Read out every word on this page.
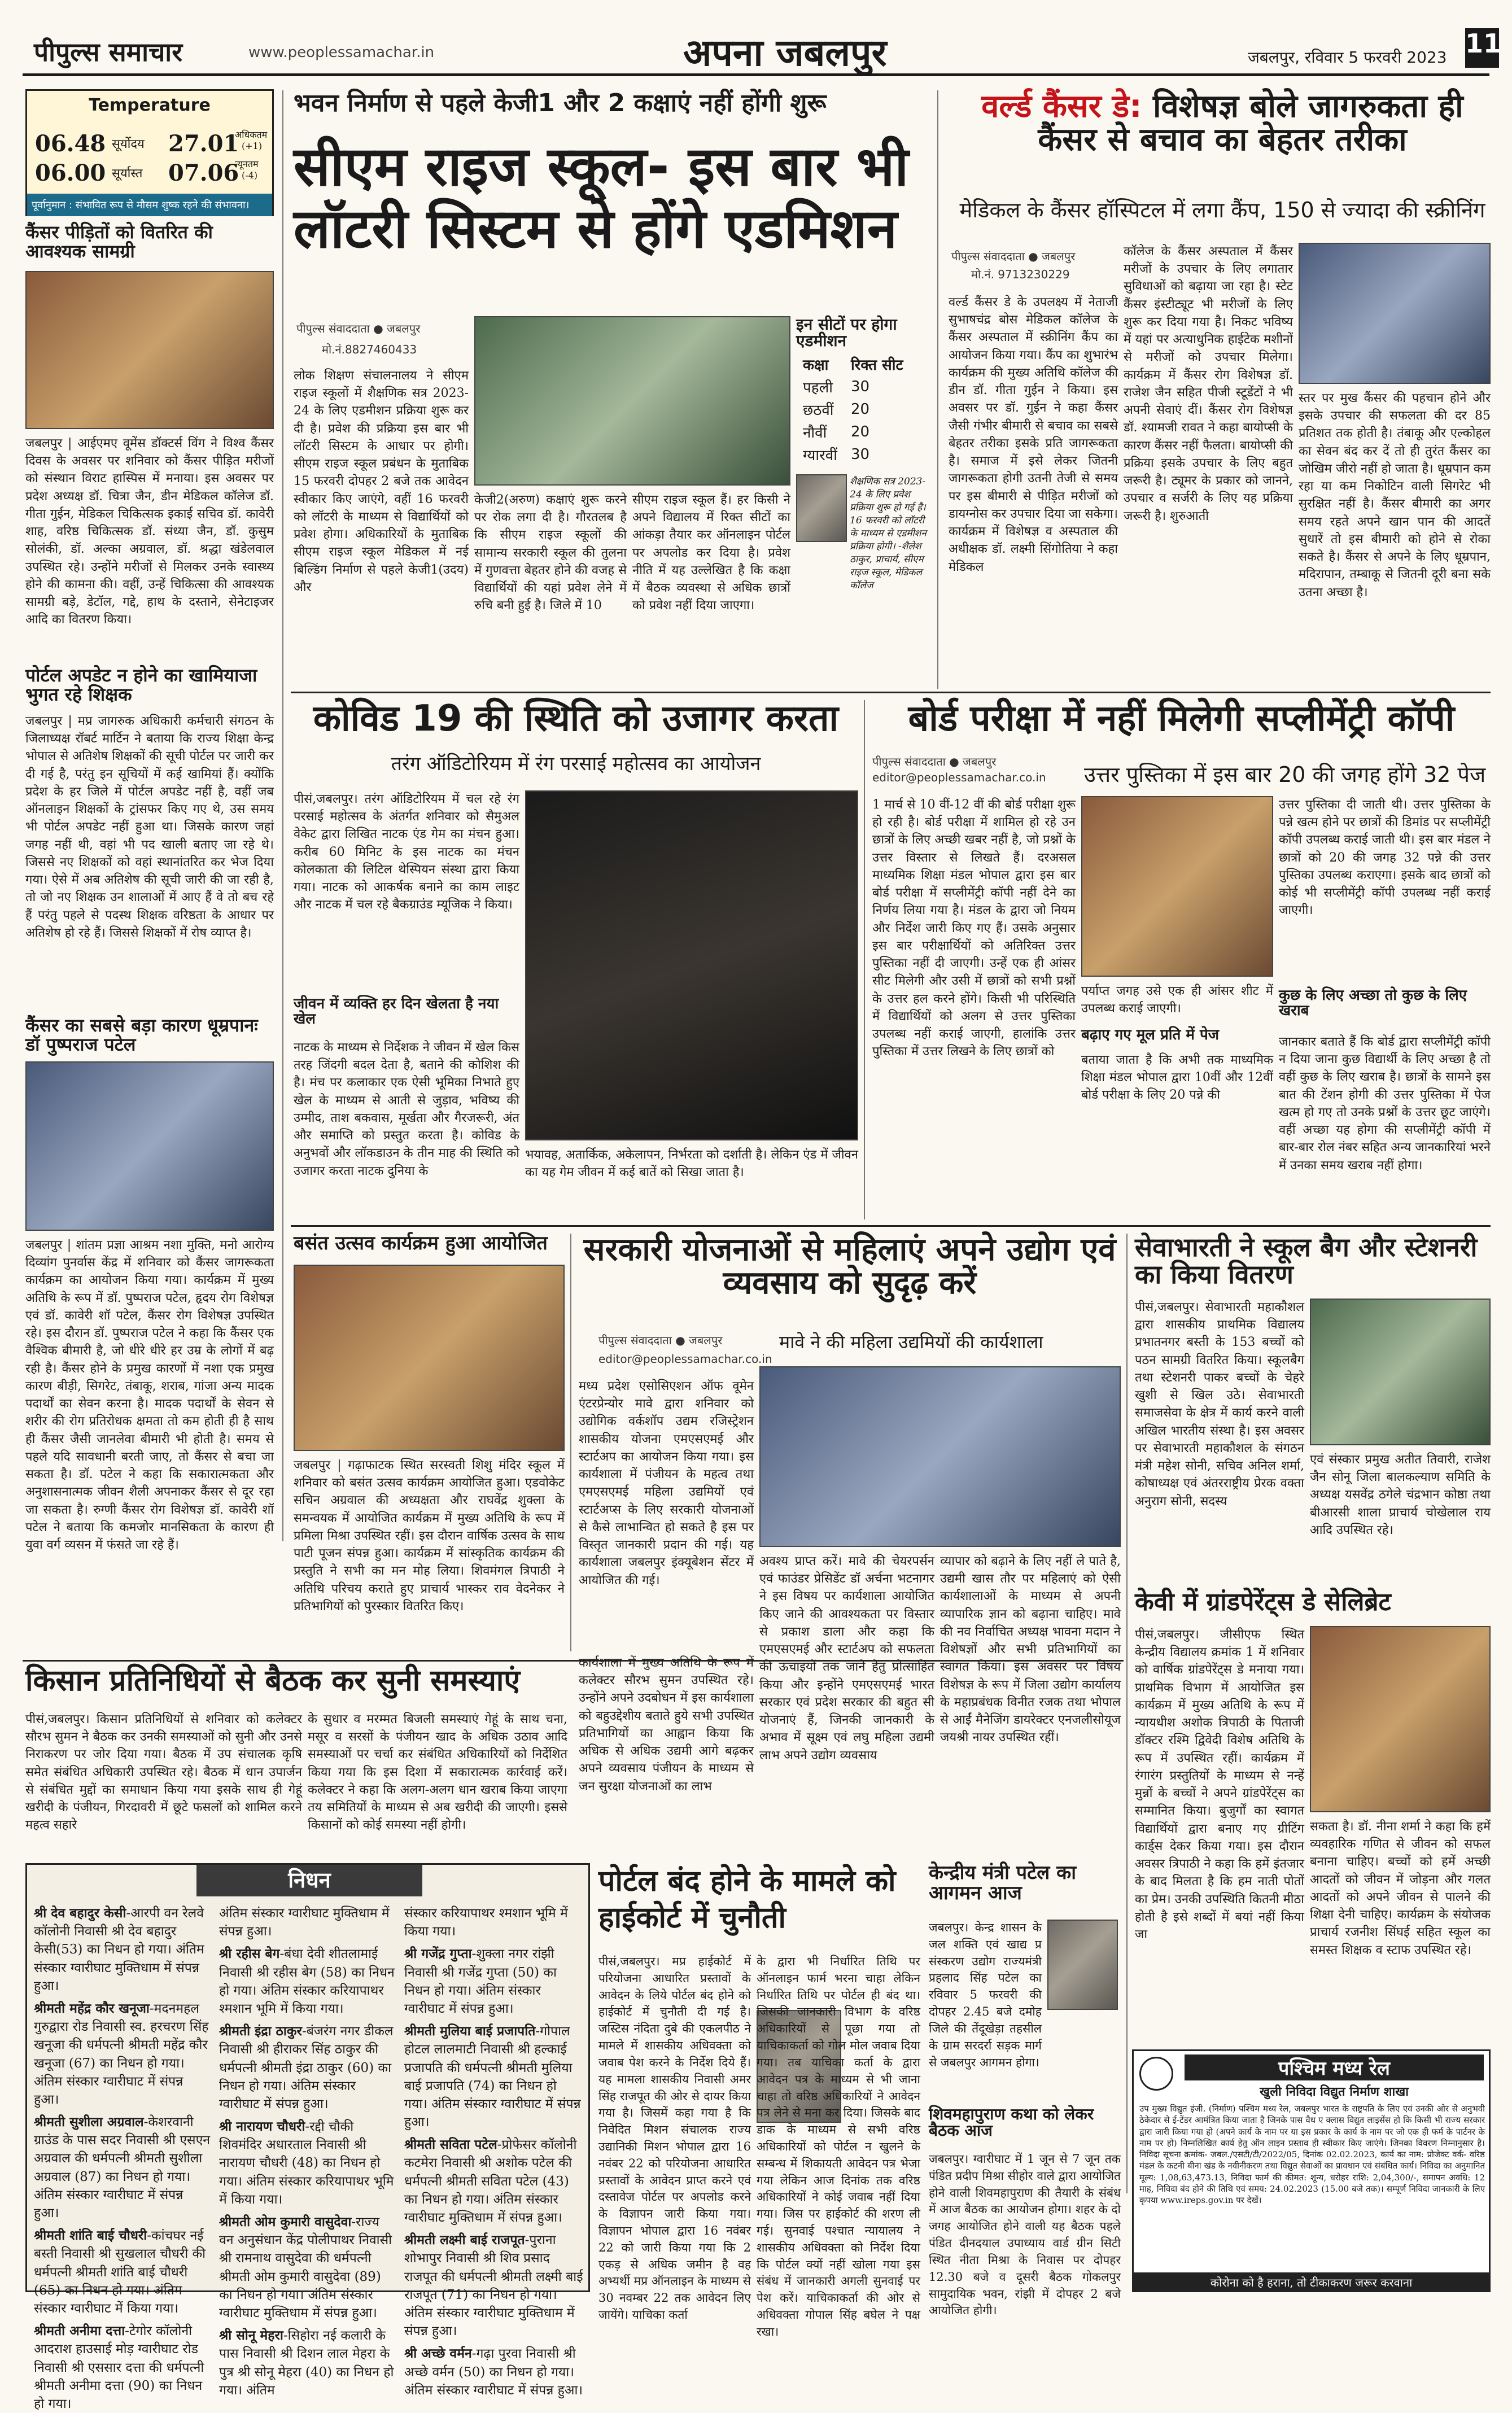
पीपुल्स समाचार	www.peoplessamachar.in	अपना जबलपुर	जबलपुर, रविवार 5 फरवरी 2023 11
Temperature
06.48 सूर्योदय
06.00 सूर्यास्त
27.01
अधिकतम
(+1)
07.06
न्यूनतम
(-4)
पूर्वानुमान : संभावित रूप से मौसम शुष्क रहने की संभावना।
कैंसर पीड़ितों को वितरित की आवश्यक सामग्री
जबलपुर | आईएमए वूमेंस डॉक्टर्स विंग ने विश्व कैंसर दिवस के अवसर पर शनिवार को कैंसर पीड़ित मरीजों को संस्थान विराट हास्पिस में मनाया। इस अवसर पर प्रदेश अध्यक्ष डॉ. चित्रा जैन, डीन मेडिकल कॉलेज डॉ. गीता गुईन, मेडिकल चिकित्सक इकाई सचिव डॉ. कावेरी शाह, वरिष्ठ चिकित्सक डॉ. संध्या जैन, डॉ. कुसुम सोलंकी, डॉ. अल्का अग्रवाल, डॉ. श्रद्धा खंडेलवाल उपस्थित रहे। उन्होंने मरीजों से मिलकर उनके स्वास्थ्य होने की कामना की। वहीं, उन्हें चिकित्सा की आवश्यक सामग्री बड़े, डेटॉल, गद्दे, हाथ के दस्ताने, सेनेटाइजर आदि का वितरण किया।
पोर्टल अपडेट न होने का खामियाजा भुगत रहे शिक्षक
जबलपुर | मप्र जागरुक अधिकारी कर्मचारी संगठन के जिलाध्यक्ष रॉबर्ट मार्टिन ने बताया कि राज्य शिक्षा केन्द्र भोपाल से अतिशेष शिक्षकों की सूची पोर्टल पर जारी कर दी गई है, परंतु इन सूचियों में कई खामियां हैं। क्योंकि प्रदेश के हर जिले में पोर्टल अपडेट नहीं है, वहीं जब ऑनलाइन शिक्षकों के ट्रांसफर किए गए थे, उस समय भी पोर्टल अपडेट नहीं हुआ था। जिसके कारण जहां जगह नहीं थी, वहां भी पद खाली बताए जा रहे थे। जिससे नए शिक्षकों को वहां स्थानांतरित कर भेज दिया गया। ऐसे में अब अतिशेष की सूची जारी की जा रही है, तो जो नए शिक्षक उन शालाओं में आए हैं वे तो बच रहे हैं परंतु पहले से पदस्थ शिक्षक वरिष्ठता के आधार पर अतिशेष हो रहे हैं। जिससे शिक्षकों में रोष व्याप्त है।
कैंसर का सबसे बड़ा कारण धूम्रपानः डॉ पुष्पराज पटेल
जबलपुर | शांतम प्रज्ञा आश्रम नशा मुक्ति, मनो आरोग्य दिव्यांग पुनर्वास केंद्र में शनिवार को कैंसर जागरूकता कार्यक्रम का आयोजन किया गया। कार्यक्रम में मुख्य अतिथि के रूप में डॉ. पुष्पराज पटेल, हृदय रोग विशेषज्ञ एवं डॉ. कावेरी शॉ पटेल, कैंसर रोग विशेषज्ञ उपस्थित रहे। इस दौरान डॉ. पुष्पराज पटेल ने कहा कि कैंसर एक वैश्विक बीमारी है, जो धीरे धीरे हर उम्र के लोगों में बढ़ रही है। कैंसर होने के प्रमुख कारणों में नशा एक प्रमुख कारण बीड़ी, सिगरेट, तंबाकू, शराब, गांजा अन्य मादक पदार्थों का सेवन करना है। मादक पदार्थों के सेवन से शरीर की रोग प्रतिरोधक क्षमता तो कम होती ही है साथ ही कैंसर जैसी जानलेवा बीमारी भी होती है। समय से पहले यदि सावधानी बरती जाए, तो कैंसर से बचा जा सकता है। डॉ. पटेल ने कहा कि सकारात्मकता और अनुशासनात्मक जीवन शैली अपनाकर कैंसर से दूर रहा जा सकता है। रुग्णी कैंसर रोग विशेषज्ञ डॉ. कावेरी शॉ पटेल ने बताया कि कमजोर मानसिकता के कारण ही युवा वर्ग व्यसन में फंसते जा रहे हैं।
भवन निर्माण से पहले केजी1 और 2 कक्षाएं नहीं होंगी शुरू
सीएम राइज स्कूल- इस बार भी लॉटरी सिस्टम से होंगे एडमिशन
पीपुल्स संवाददाता ● जबलपुर
मो.नं.8827460433
लोक शिक्षण संचालनालय ने सीएम राइज स्कूलों में शैक्षणिक सत्र 2023-24 के लिए एडमीशन प्रक्रिया शुरू कर दी है। प्रवेश की प्रक्रिया इस बार भी लॉटरी सिस्टम के आधार पर होगी। सीएम राइज स्कूल प्रबंधन के मुताबिक 15 फरवरी दोपहर 2 बजे तक आवेदन स्वीकार किए जाएंगे, वहीं 16 फरवरी को लॉटरी के माध्यम से विद्यार्थियों को प्रवेश होगा। अधिकारियों के मुताबिक सीएम राइज स्कूल मेडिकल में नई बिल्डिंग निर्माण से पहले केजी1(उदय) और
केजी2(अरुण) कक्षाएं शुरू करने पर रोक लगा दी है। गौरतलब है कि सीएम राइज स्कूलों की सामान्य सरकारी स्कूल की तुलना में गुणवत्ता बेहतर होने की वजह से विद्यार्थियों की यहां प्रवेश लेने में रुचि बनी हुई है। जिले में 10
सीएम राइज स्कूल हैं। हर किसी ने अपने विद्यालय में रिक्त सीटों का आंकड़ा तैयार कर ऑनलाइन पोर्टल पर अपलोड कर दिया है। प्रवेश नीति में यह उल्लेखित है कि कक्षा में बैठक व्यवस्था से अधिक छात्रों को प्रवेश नहीं दिया जाएगा।
इन सीटों पर होगा एडमीशन
कक्षा	रिक्त सीट
पहली	30
छठवीं	20
नौवीं	20
ग्यारवीं	30
शैक्षणिक सत्र 2023-24 के लिए प्रवेश प्रक्रिया शुरू हो गई है। 16 फरवरी को लॉटरी के माध्यम से एडमीशन प्रक्रिया होगी। -शैलेश ठाकुर, प्राचार्य, सीएम राइज स्कूल, मेडिकल कॉलेज
वर्ल्ड कैंसर डे: विशेषज्ञ बोले जागरुकता ही कैंसर से बचाव का बेहतर तरीका
मेडिकल के कैंसर हॉस्पिटल में लगा कैंप, 150 से ज्यादा की स्क्रीनिंग
पीपुल्स संवाददाता ● जबलपुर
मो.नं. 9713230229
वर्ल्ड कैंसर डे के उपलक्ष्य में नेताजी सुभाषचंद्र बोस मेडिकल कॉलेज के कैंसर अस्पताल में स्क्रीनिंग कैंप का आयोजन किया गया। कैंप का शुभारंभ कार्यक्रम की मुख्य अतिथि कॉलेज की डीन डॉ. गीता गुईन ने किया। इस अवसर पर डॉ. गुईन ने कहा कैंसर जैसी गंभीर बीमारी से बचाव का सबसे बेहतर तरीका इसके प्रति जागरूकता है। समाज में इसे लेकर जितनी जागरूकता होगी उतनी तेजी से समय पर इस बीमारी से पीड़ित मरीजों को डायग्नोस कर उपचार दिया जा सकेगा। कार्यक्रम में विशेषज्ञ व अस्पताल की अधीक्षक डॉ. लक्ष्मी सिंगोतिया ने कहा मेडिकल
कॉलेज के कैंसर अस्पताल में कैंसर मरीजों के उपचार के लिए लगातार सुविधाओं को बढ़ाया जा रहा है। स्टेट कैंसर इंस्टीट्यूट भी मरीजों के लिए शुरू कर दिया गया है। निकट भविष्य में यहां पर अत्याधुनिक हाईटेक मशीनों से मरीजों को उपचार मिलेगा। कार्यक्रम में कैंसर रोग विशेषज्ञ डॉ. राजेश जैन सहित पीजी स्टूडेंटों ने भी अपनी सेवाएं दीं। कैंसर रोग विशेषज्ञ डॉ. श्यामजी रावत ने कहा बायोप्सी के कारण कैंसर नहीं फैलता। बायोप्सी की प्रक्रिया इसके उपचार के लिए बहुत जरूरी है। ट्यूमर के प्रकार को जानने, उपचार व सर्जरी के लिए यह प्रक्रिया जरूरी है। शुरुआती
स्तर पर मुख कैंसर की पहचान होने और इसके उपचार की सफलता की दर 85 प्रतिशत तक होती है। तंबाकू और एल्कोहल का सेवन बंद कर दें तो ही तुरंत कैंसर का जोखिम जीरो नहीं हो जाता है। धूम्रपान कम रहा या कम निकोटिन वाली सिगरेट भी सुरक्षित नहीं है। कैंसर बीमारी का अगर समय रहते अपने खान पान की आदतें सुधारें तो इस बीमारी को होने से रोका सकते है। कैंसर से अपने के लिए धूम्रपान, मदिरापान, तम्बाकू से जितनी दूरी बना सके उतना अच्छा है।
कोविड 19 की स्थिति को उजागर करता
तरंग ऑडिटोरियम में रंग परसाई महोत्सव का आयोजन
पीसं,जबलपुर। तरंग ऑडिटोरियम में चल रहे रंग परसाई महोत्सव के अंतर्गत शनिवार को सैमुअल वेकेट द्वारा लिखित नाटक एंड गेम का मंचन हुआ। करीब 60 मिनिट के इस नाटक का मंचन कोलकाता की लिटिल थेस्पियन संस्था द्वारा किया गया। नाटक को आकर्षक बनाने का काम लाइट और नाटक में चल रहे बैकग्राउंड म्यूजिक ने किया।
जीवन में व्यक्ति हर दिन खेलता है नया खेल
नाटक के माध्यम से निर्देशक ने जीवन में खेल किस तरह जिंदगी बदल देता है, बताने की कोशिश की है। मंच पर कलाकार एक ऐसी भूमिका निभाते हुए खेल के माध्यम से आती से जुड़ाव, भविष्य की उम्मीद, ताश बकवास, मूर्खता और गैरजरूरी, अंत और समाप्ति को प्रस्तुत करता है। कोविड के अनुभवों और लॉकडाउन के तीन माह की स्थिति को उजागर करता नाटक दुनिया के
भयावह, अतार्किक, अकेलापन, निर्भरता को दर्शाती है। लेकिन एंड में जीवन का यह गेम जीवन में कई बातें को सिखा जाता है।
बोर्ड परीक्षा में नहीं मिलेगी सप्लीमेंट्री कॉपी
पीपुल्स संवाददाता ● जबलपुर
editor@peoplessamachar.co.in	उत्तर पुस्तिका में इस बार 20 की जगह होंगे 32 पेज
1 मार्च से 10 वीं-12 वीं की बोर्ड परीक्षा शुरू हो रही है। बोर्ड परीक्षा में शामिल हो रहे उन छात्रों के लिए अच्छी खबर नहीं है, जो प्रश्नों के उत्तर विस्तार से लिखते हैं। दरअसल माध्यमिक शिक्षा मंडल भोपाल द्वारा इस बार बोर्ड परीक्षा में सप्लीमेंट्री कॉपी नहीं देने का निर्णय लिया गया है। मंडल के द्वारा जो नियम और निर्देश जारी किए गए हैं। उसके अनुसार इस बार परीक्षार्थियों को अतिरिक्त उत्तर पुस्तिका नहीं दी जाएगी। उन्हें एक ही आंसर सीट मिलेगी और उसी में छात्रों को सभी प्रश्नों के उत्तर हल करने होंगे। किसी भी परिस्थिति में विद्यार्थियों को अलग से उत्तर पुस्तिका उपलब्ध नहीं कराई जाएगी, हालांकि उत्तर पुस्तिका में उत्तर लिखने के लिए छात्रों को
पर्याप्त जगह उसे एक ही आंसर शीट में उपलब्ध कराई जाएगी।
बढ़ाए गए मूल प्रति में पेज
बताया जाता है कि अभी तक माध्यमिक शिक्षा मंडल भोपाल द्वारा 10वीं और 12वीं बोर्ड परीक्षा के लिए 20 पन्ने की
उत्तर पुस्तिका दी जाती थी। उत्तर पुस्तिका के पन्ने खत्म होने पर छात्रों की डिमांड पर सप्लीमेंट्री कॉपी उपलब्ध कराई जाती थी। इस बार मंडल ने छात्रों को 20 की जगह 32 पन्ने की उत्तर पुस्तिका उपलब्ध कराएगा। इसके बाद छात्रों को कोई भी सप्लीमेंट्री कॉपी उपलब्ध नहीं कराई जाएगी।
कुछ के लिए अच्छा तो कुछ के लिए खराब
जानकार बताते हैं कि बोर्ड द्वारा सप्लीमेंट्री कॉपी न दिया जाना कुछ विद्यार्थी के लिए अच्छा है तो वहीं कुछ के लिए खराब है। छात्रों के सामने इस बात की टेंशन होगी की उत्तर पुस्तिका में पेज खत्म हो गए तो उनके प्रश्नों के उत्तर छूट जाएंगे। वहीं अच्छा यह होगा की सप्लीमेंट्री कॉपी में बार-बार रोल नंबर सहित अन्य जानकारियां भरने में उनका समय खराब नहीं होगा।
बसंत उत्सव कार्यक्रम हुआ आयोजित
जबलपुर | गढ़ाफाटक स्थित सरस्वती शिशु मंदिर स्कूल में शनिवार को बसंत उत्सव कार्यक्रम आयोजित हुआ। एडवोकेट सचिन अग्रवाल की अध्यक्षता और राघवेंद्र शुक्ला के समन्वयक में आयोजित कार्यक्रम में मुख्य अतिथि के रूप में प्रमिला मिश्रा उपस्थित रहीं। इस दौरान वार्षिक उत्सव के साथ पाटी पूजन संपन्न हुआ। कार्यक्रम में सांस्कृतिक कार्यक्रम की प्रस्तुति ने सभी का मन मोह लिया। शिवमंगल त्रिपाठी ने अतिथि परिचय कराते हुए प्राचार्य भास्कर राव वेदनेकर ने प्रतिभागियों को पुरस्कार वितरित किए।
सरकारी योजनाओं से महिलाएं अपने उद्योग एवं व्यवसाय को सुदृढ़ करें
पीपुल्स संवाददाता ● जबलपुर
editor@peoplessamachar.co.in
मावे ने की महिला उद्यमियों की कार्यशाला
मध्य प्रदेश एसोसिएशन ऑफ वूमेन एंटरप्रेन्योर मावे द्वारा शनिवार को उद्योगिक वर्कशॉप उद्यम रजिस्ट्रेशन शासकीय योजना एमएसएमई और स्टार्टअप का आयोजन किया गया। इस कार्यशाला में पंजीयन के महत्व तथा एमएसएमई महिला उद्यमियों एवं स्टार्टअप्स के लिए सरकारी योजनाओं से कैसे लाभान्वित हो सकते है इस पर विस्तृत जानकारी प्रदान की गई। यह कार्यशाला जबलपुर इंक्यूबेशन सेंटर में आयोजित की गई।
अवश्य प्राप्त करें। मावे की चेयरपर्सन एवं फाउंडर प्रेसिडेंट डॉ अर्चना भटनागर ने इस विषय पर कार्यशाला आयोजित किए जाने की आवश्यकता पर विस्तार से प्रकाश डाला और कहा कि एमएसएमई और स्टार्टअप को सफलता की ऊंचाइयों तक जाने हेतु प्रोत्साहित किया और इन्होंने एमएसएमई भारत सरकार एवं प्रदेश सरकार की बहुत सी योजनाएं हैं, जिनकी जानकारी के अभाव में सूक्ष्म एवं लघु महिला उद्यमी लाभ अपने उद्योग व्यवसाय
व्यापार को बढ़ाने के लिए नहीं ले पाते है, उद्यमी खास तौर पर महिलाएं को ऐसी कार्यशालाओं के माध्यम से अपनी व्यापारिक ज्ञान को बढ़ाना चाहिए। मावे की नव निर्वाचित अध्यक्ष भावना मदान ने विशेषज्ञों और सभी प्रतिभागियों का स्वागत किया। इस अवसर पर विषय विशेषज्ञ के रूप में जिला उद्योग कार्यालय के महाप्रबंधक विनीत रजक तथा भोपाल से आईं मैनेजिंग डायरेक्टर एनजलीसोयूज जयश्री नायर उपस्थित रहीं।
सेवाभारती ने स्कूल बैग और स्टेशनरी का किया वितरण
पीसं,जबलपुर। सेवाभारती महाकौशल द्वारा शासकीय प्राथमिक विद्यालय प्रभातनगर बस्ती के 153 बच्चों को पठन सामग्री वितरित किया। स्कूलबैग तथा स्टेशनरी पाकर बच्चों के चेहरे खुशी से खिल उठे। सेवाभारती समाजसेवा के क्षेत्र में कार्य करने वाली अखिल भारतीय संस्था है। इस अवसर पर सेवाभारती महाकौशल के संगठन मंत्री महेश सोनी, सचिव अनिल शर्मा, कोषाध्यक्ष एवं अंतरराष्ट्रीय प्रेरक वक्ता अनुराग सोनी, सदस्य
एवं संस्कार प्रमुख अतीत तिवारी, राजेश जैन सोनू जिला बालकल्याण समिति के अध्यक्ष यसवेंद्र ठगेले चंद्रभान कोष्ठा तथा बीआरसी शाला प्राचार्य चोखेलाल राय आदि उपस्थित रहे।
केवी में ग्रांडपेरेंट्स डे सेलिब्रेट
पीसं,जबलपुर। जीसीएफ स्थित केन्द्रीय विद्यालय क्रमांक 1 में शनिवार को वार्षिक ग्रांडपेरेंट्स डे मनाया गया। प्राथमिक विभाग में आयोजित इस कार्यक्रम में मुख्य अतिथि के रूप में न्यायधीश अशोक त्रिपाठी के पिताजी डॉक्टर रश्मि द्विवेदी विशेष अतिथि के रूप में उपस्थित रहीं। कार्यक्रम में रंगारंग प्रस्तुतियों के माध्यम से नन्हें मुन्नों के बच्चों ने अपने ग्रांडपेरेंट्स का सम्मानित किया। बुजुर्गों का स्वागत विद्यार्थियों द्वारा बनाए गए ग्रीटिंग कार्ड्स देकर किया गया। इस दौरान अवसर त्रिपाठी ने कहा कि हमें इंतजार के बाद मिलता है कि हम नाती पोतों का प्रेम। उनकी उपस्थिति कितनी मीठा होती है इसे शब्दों में बयां नहीं किया जा
सकता है। डॉ. नीना शर्मा ने कहा कि हमें व्यवहारिक गणित से जीवन को सफल बनाना चाहिए। बच्चों को हमें अच्छी आदतों को जीवन में जोड़ना और गलत आदतों को अपने जीवन से पालने की शिक्षा देनी चाहिए। कार्यक्रम के संयोजक प्राचार्य रजनीश सिंघई सहित स्कूल का समस्त शिक्षक व स्टाफ उपस्थित रहे।
किसान प्रतिनिधियों से बैठक कर सुनी समस्याएं
पीसं,जबलपुर। किसान प्रतिनिधियों से शनिवार को कलेक्टर सौरभ सुमन ने बैठक कर उनकी समस्याओं को सुनी और उनसे निराकरण पर जोर दिया गया। बैठक में उप संचालक कृषि समेत संबंधित अधिकारी उपस्थित रहे। बैठक में धान उपार्जन से संबंधित मुद्दों का समाधान किया गया इसके साथ ही गेहूं खरीदी के पंजीयन, गिरदावरी में छूटे फसलों को शामिल करने महत्व सहारे
के सुधार व मरम्मत बिजली समस्याएं गेहूं के साथ चना, मसूर व सरसों के पंजीयन खाद के अधिक उठाव आदि समस्याओं पर चर्चा कर संबंधित अधिकारियों को निर्देशित किया गया कि इस दिशा में सकारात्मक कार्रवाई करें। कलेक्टर ने कहा कि अलग-अलग धान खराब किया जाएगा तय समितियों के माध्यम से अब खरीदी की जाएगी। इससे किसानों को कोई समस्या नहीं होगी।
कार्यशाला में मुख्य अतिथि के रूप में कलेक्टर सौरभ सुमन उपस्थित रहे। उन्होंने अपने उदबोधन में इस कार्यशाला को बहुउद्देशीय बताते हुये सभी उपस्थित प्रतिभागियों का आह्वान किया कि अधिक से अधिक उद्यमी आगे बढ़कर अपने व्यवसाय पंजीयन के माध्यम से जन सुरक्षा योजनाओं का लाभ
निधन
श्री देव बहादुर केसी-आरपी वन रेलवे कॉलोनी निवासी श्री देव बहादुर केसी(53) का निधन हो गया। अंतिम संस्कार ग्वारीघाट मुक्तिधाम में संपन्न हुआ।
श्रीमती महेंद्र कौर खनूजा-मदनमहल गुरुद्वारा रोड निवासी स्व. हरचरण सिंह खनूजा की धर्मपत्नी श्रीमती महेंद्र कौर खनूजा (67) का निधन हो गया। अंतिम संस्कार ग्वारीघाट में संपन्न हुआ।
श्रीमती सुशीला अग्रवाल-केशरवानी ग्राउंड के पास सदर निवासी श्री एसएन अग्रवाल की धर्मपत्नी श्रीमती सुशीला अग्रवाल (87) का निधन हो गया। अंतिम संस्कार ग्वारीघाट में संपन्न हुआ।
श्रीमती शांति बाई चौधरी-कांचघर नई बस्ती निवासी श्री सुखलाल चौधरी की धर्मपत्नी श्रीमती शांति बाई चौधरी (65) का निधन हो गया। अंतिम संस्कार ग्वारीघाट में किया गया।
श्रीमती अनीमा दत्ता-टेगोर कॉलोनी आदराश हाउसाई मोड़ ग्वारीघाट रोड निवासी श्री एससार दत्ता की धर्मपत्नी श्रीमती अनीमा दत्ता (90) का निधन हो गया।
अंतिम संस्कार ग्वारीघाट मुक्तिधाम में संपन्न हुआ।
श्री रहीस बेग-बंधा देवी शीतलामाई निवासी श्री रहीस बेग (58) का निधन हो गया। अंतिम संस्कार करियापाथर श्मशान भूमि में किया गया।
श्रीमती इंद्रा ठाकुर-बंजरंग नगर डीकल निवासी श्री हीराकर सिंह ठाकुर की धर्मपत्नी श्रीमती इंद्रा ठाकुर (60) का निधन हो गया। अंतिम संस्कार ग्वारीघाट में संपन्न हुआ।
श्री नारायण चौधरी-रद्दी चौकी शिवमंदिर अधारताल निवासी श्री नारायण चौधरी (48) का निधन हो गया। अंतिम संस्कार करियापाथर भूमि में किया गया।
श्रीमती ओम कुमारी वासुदेवा-राज्य वन अनुसंधान केंद्र पोलीपाथर निवासी श्री रामनाथ वासुदेवा की धर्मपत्नी श्रीमती ओम कुमारी वासुदेवा (89) का निधन हो गया। अंतिम संस्कार ग्वारीघाट मुक्तिधाम में संपन्न हुआ।
श्री सोनू मेहरा-सिहोरा नई कलारी के पास निवासी श्री दिशन लाल मेहरा के पुत्र श्री सोनू मेहरा (40) का निधन हो गया। अंतिम
संस्कार करियापाथर श्मशान भूमि में किया गया।
श्री गजेंद्र गुप्ता-शुक्ला नगर रांझी निवासी श्री गजेंद्र गुप्ता (50) का निधन हो गया। अंतिम संस्कार ग्वारीघाट में संपन्न हुआ।
श्रीमती मुलिया बाई प्रजापति-गोपाल होटल लालमाटी निवासी श्री हल्काई प्रजापति की धर्मपत्नी श्रीमती मुलिया बाई प्रजापति (74) का निधन हो गया। अंतिम संस्कार ग्वारीघाट में संपन्न हुआ।
श्रीमती सविता पटेल-प्रोफेसर कॉलोनी कटमेरा निवासी श्री अशोक पटेल की धर्मपत्नी श्रीमती सविता पटेल (43) का निधन हो गया। अंतिम संस्कार ग्वारीघाट मुक्तिधाम में संपन्न हुआ।
श्रीमती लक्ष्मी बाई राजपूत-पुराना शोभापुर निवासी श्री शिव प्रसाद राजपूत की धर्मपत्नी श्रीमती लक्ष्मी बाई राजपूत (71) का निधन हो गया। अंतिम संस्कार ग्वारीघाट मुक्तिधाम में संपन्न हुआ।
श्री अच्छे वर्मन-गढ़ा पुरवा निवासी श्री अच्छे वर्मन (50) का निधन हो गया। अंतिम संस्कार ग्वारीघाट में संपन्न हुआ।
पोर्टल बंद होने के मामले को हाईकोर्ट में चुनौती
पीसं,जबलपुर। मप्र हाईकोर्ट में परियोजना आधारित प्रस्तावों के आवेदन के लिये पोर्टल बंद होने को हाईकोर्ट में चुनौती दी गई है। जस्टिस नंदिता दुबे की एकलपीठ ने मामले में शासकीय अधिवक्ता को जवाब पेश करने के निर्देश दिये हैं। यह मामला शासकीय निवासी अमर सिंह राजपूत की ओर से दायर किया गया है। जिसमें कहा गया है कि निवेदित मिशन संचालक राज्य उद्यानिकी मिशन भोपाल द्वारा 16 नवंबर 22 को परियोजना आधारित प्रस्तावों के आवेदन प्राप्त करने एवं दस्तावेज पोर्टल पर अपलोड करने के विज्ञापन जारी किया गया। विज्ञापन भोपाल द्वारा 16 नवंबर 22 को जारी किया गया कि 2 एकड़ से अधिक जमीन है वह अभ्यर्थी मप्र ऑनलाइन के माध्यम से 30 नवम्बर 22 तक आवेदन लिए जायेंगे। याचिका कर्ता
के द्वारा भी निर्धारित तिथि पर ऑनलाइन फार्म भरना चाहा लेकिन निर्धारित तिथि पर पोर्टल ही बंद था। जिसकी जानकारी विभाग के वरिष्ठ अधिकारियों से पूछा गया तो याचिकाकर्ता को गोल मोल जवाब दिया गया। तब याचिका कर्ता के द्वारा आवेदन पत्र के माध्यम से भी जाना चाहा तो वरिष्ठ अधिकारियों ने आवेदन पत्र लेने से मना कर दिया। जिसके बाद डाक के माध्यम से सभी वरिष्ठ अधिकारियों को पोर्टल न खुलने के सम्बन्ध में शिकायती आवेदन पत्र भेजा गया लेकिन आज दिनांक तक वरिष्ठ अधिकारियों ने कोई जवाब नहीं दिया गया। जिस पर हाईकोर्ट की शरण ली गई। सुनवाई पश्चात न्यायालय ने शासकीय अधिवक्ता को निर्देश दिया कि पोर्टल क्यों नहीं खोला गया इस संबंध में जानकारी अगली सुनवाई पर पेश करें। याचिकाकर्ता की ओर से अधिवक्ता गोपाल सिंह बघेल ने पक्ष रखा।
केन्द्रीय मंत्री पटेल का आगमन आज
जबलपुर। केन्द्र शासन के जल शक्ति एवं खाद्य प्र संस्करण उद्योग राज्यमंत्री प्रहलाद सिंह पटेल का रविवार 5 फरवरी की दोपहर 2.45 बजे दमोह जिले की तेंदूखेड़ा तहसील के ग्राम सरदर्रा सड़क मार्ग से जबलपुर आगमन होगा।
शिवमहापुराण कथा को लेकर बैठक आज
जबलपुर। ग्वारीघाट में 1 जून से 7 जून तक पंडित प्रदीप मिश्रा सीहोर वाले द्वारा आयोजित होने वाली शिवमहापुराण की तैयारी के संबंध में आज बैठक का आयोजन होगा। शहर के दो जगह आयोजित होने वाली यह बैठक पहले पंडित दीनदयाल उपाध्याय वार्ड ग्रीन सिटी स्थित नीता मिश्रा के निवास पर दोपहर 12.30 बजे व दूसरी बैठक गोकलपुर सामुदायिक भवन, रांझी में दोपहर 2 बजे आयोजित होगी।
पश्चिम मध्य रेल
खुली निविदा विद्युत निर्माण शाखा
उप मुख्य विद्युत इंजी. (निर्माण) पश्चिम मध्य रेल, जबलपुर भारत के राष्ट्रपति के लिए एवं उनकी ओर से अनुभवी ठेकेदार से ई-टेंडर आमंत्रित किया जाता है जिनके पास वैध ए क्लास विद्युत लाइसेंस हो कि किसी भी राज्य सरकार द्वारा जारी किया गया हो (अपने कार्य के नाम पर या इस प्रकार के कार्य के नाम पर जो एक ही फर्म के पार्टनर के नाम पर हो) निम्नलिखित कार्य हेतु ऑन लाइन प्रस्ताव ही स्वीकार किए जाएंगे। जिनका विवरण निम्नानुसार है। निविदा सूचना क्रमांक- जबल./एसटी/टी/2022/05, दिनांक 02.02.2023, कार्य का नाम: प्रोजेक्ट वर्क- वरिष्ठ मंडल के कटनी बीना खंड के नवीनीकरण तथा विद्युत सेवाओं का प्रावधान एवं संबंधित कार्य। निविदा का अनुमानित मूल्य: 1,08,63,473.13, निविदा फार्म की कीमत: शून्य, धरोहर राशि: 2,04,300/-, समापन अवधि: 12 माह, निविदा बंद होने की तिथि एवं समय: 24.02.2023 (15.00 बजे तक)। सम्पूर्ण निविदा जानकारी के लिए कृपया www.ireps.gov.in पर देखें।
कोरोना को है हराना, तो टीकाकरण जरूर करवाना
